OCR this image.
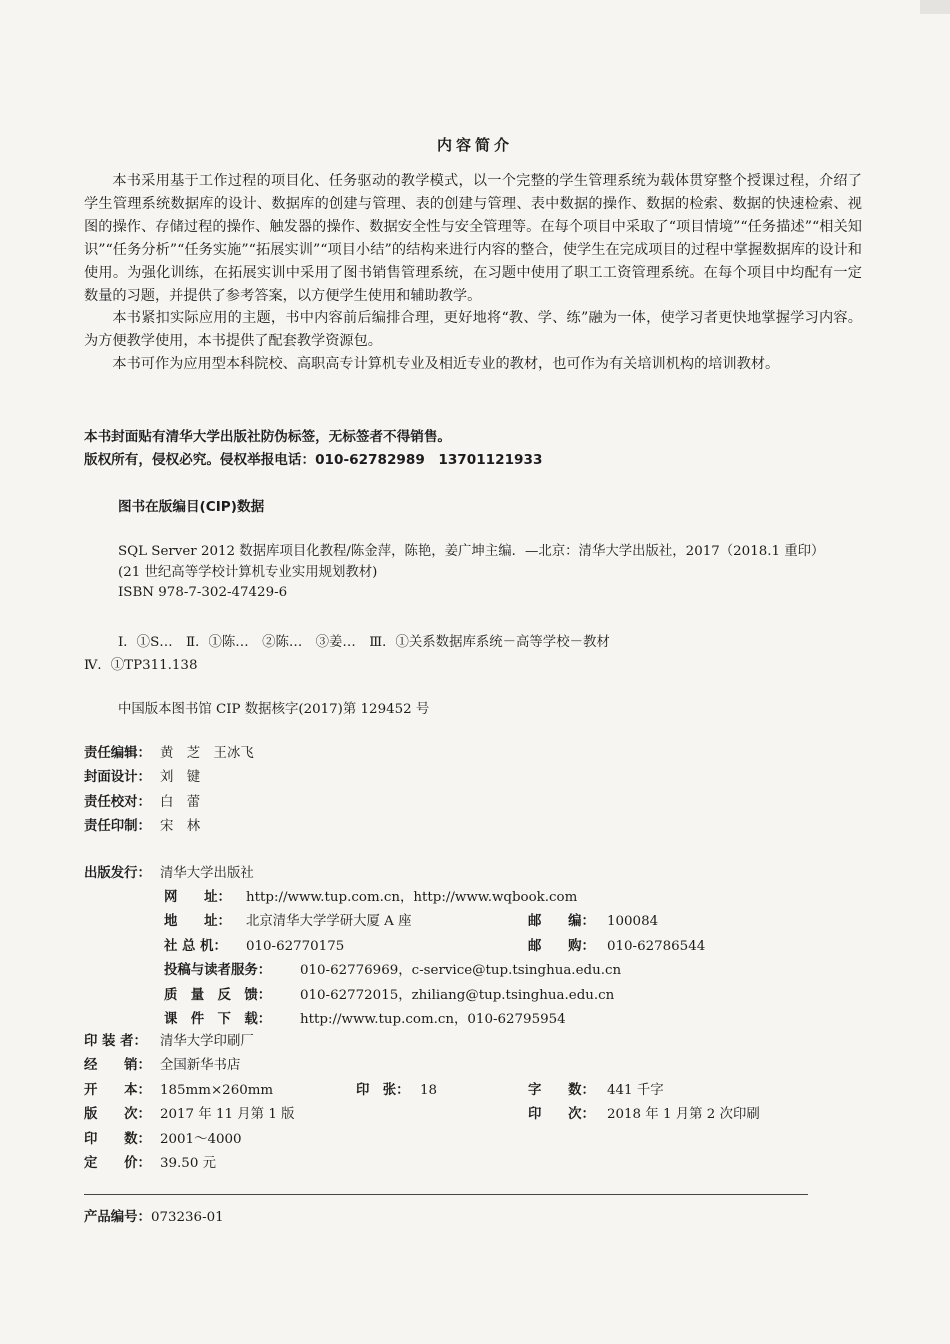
内容简介

本书采用基于工作过程的项目化、任务驱动的教学模式，以一个完整的学生管理系统为载体贯穿整个授课过程，介绍了学生管理系统数据库的设计、数据库的创建与管理、表的创建与管理、表中数据的操作、数据的检索、数据的快速检索、视图的操作、存储过程的操作、触发器的操作、数据安全性与安全管理等。在每个项目中采取了“项目情境”“任务描述”“相关知识”“任务分析”“任务实施”“拓展实训”“项目小结”的结构来进行内容的整合，使学生在完成项目的过程中掌握数据库的设计和使用。为强化训练，在拓展实训中采用了图书销售管理系统，在习题中使用了职工工资管理系统。在每个项目中均配有一定数量的习题，并提供了参考答案，以方便学生使用和辅助教学。

本书紧扣实际应用的主题，书中内容前后编排合理，更好地将“教、学、练”融为一体，使学习者更快地掌握学习内容。为方便教学使用，本书提供了配套教学资源包。

本书可作为应用型本科院校、高职高专计算机专业及相近专业的教材，也可作为有关培训机构的培训教材。

本书封面贴有清华大学出版社防伪标签，无标签者不得销售。
版权所有，侵权必究。侵权举报电话：010-62782989　13701121933
图书在版编目(CIP)数据
SQL Server 2012 数据库项目化教程/陈金萍，陈艳，姜广坤主编．—北京：清华大学出版社，2017（2018.1 重印）
(21 世纪高等学校计算机专业实用规划教材)
ISBN 978-7-302-47429-6
Ⅰ．①S…　Ⅱ．①陈…　②陈…　③姜…　Ⅲ．①关系数据库系统－高等学校－教材
Ⅳ．①TP311.138
中国版本图书馆 CIP 数据核字(2017)第 129452 号
责任编辑： 黄　芝　王冰飞
封面设计： 刘　键
责任校对： 白　蕾
责任印制： 宋　林
出版发行： 清华大学出版社
网　　址： http://www.tup.com.cn，http://www.wqbook.com
地　　址： 北京清华大学学研大厦 A 座	邮　　编： 100084
社 总 机： 010-62770175	邮　　购： 010-62786544
投稿与读者服务： 010-62776969，c-service@tup.tsinghua.edu.cn
质　量　反　馈： 010-62772015，zhiliang@tup.tsinghua.edu.cn
课　件　下　载： http://www.tup.com.cn，010-62795954
印 装 者： 清华大学印刷厂
经　　销： 全国新华书店
开　　本： 185mm×260mm	印　张： 18	字　　数： 441 千字
版　　次： 2017 年 11 月第 1 版	印　　次： 2018 年 1 月第 2 次印刷
印　　数： 2001～4000
定　　价： 39.50 元
产品编号：073236-01
